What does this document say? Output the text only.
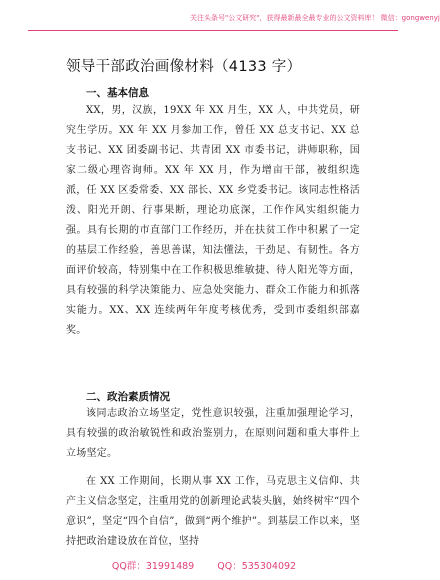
关注头条号"公文研究"，获得最新最全最专业的公文资料库！ 微信：gongwenyj
领导干部政治画像材料（4133 字）
一、基本信息

XX，男，汉族，19XX 年 XX 月生，XX 人，中共党员，研究生学历。XX 年 XX 月参加工作，曾任 XX 总支书记、XX 总支书记、XX 团委副书记、共青团 XX 市委书记，讲师职称，国家二级心理咨询师。XX 年 XX 月，作为增亩干部，被组织选派，任 XX 区委常委、XX 部长、XX 乡党委书记。该同志性格活泼、阳光开朗、行事果断，理论功底深，工作作风实组织能力强。具有长期的市直部门工作经历，并在扶贫工作中积累了一定的基层工作经验，善思善谋，知法懂法，干劲足、有韧性。各方面评价较高，特别集中在工作积极思维敏捷、待人阳光等方面，具有较强的科学决策能力、应急处突能力、群众工作能力和抓落实能力。XX、XX 连续两年年度考核优秀，受到市委组织部嘉奖。

二、政治素质情况

该同志政治立场坚定，党性意识较强，注重加强理论学习，具有较强的政治敏锐性和政治鉴别力，在原则问题和重大事件上立场坚定。

在 XX 工作期间，长期从事 XX 工作，马克思主义信仰、共产主义信念坚定，注重用党的创新理论武装头脑，始终树牢“四个意识”，坚定“四个自信”，做到“两个维护”。到基层工作以来，坚持把政治建设放在首位，坚持

QQ群：31991489 QQ：535304092
